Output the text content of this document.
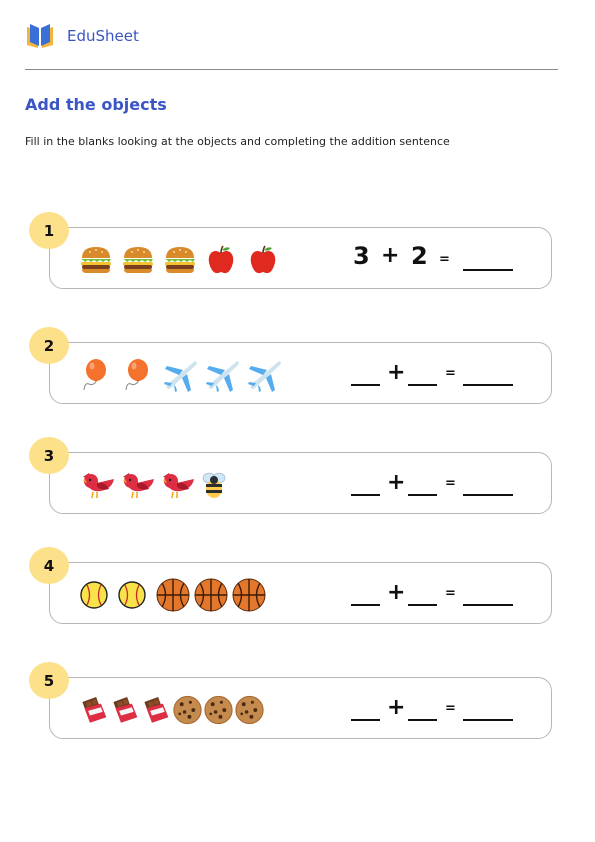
EduSheet
Add the objects
Fill in the blanks looking at the objects and completing the addition sentence
1
3 + 2 =
2
+	=
3
+	=
4
+	=
5
+	=
